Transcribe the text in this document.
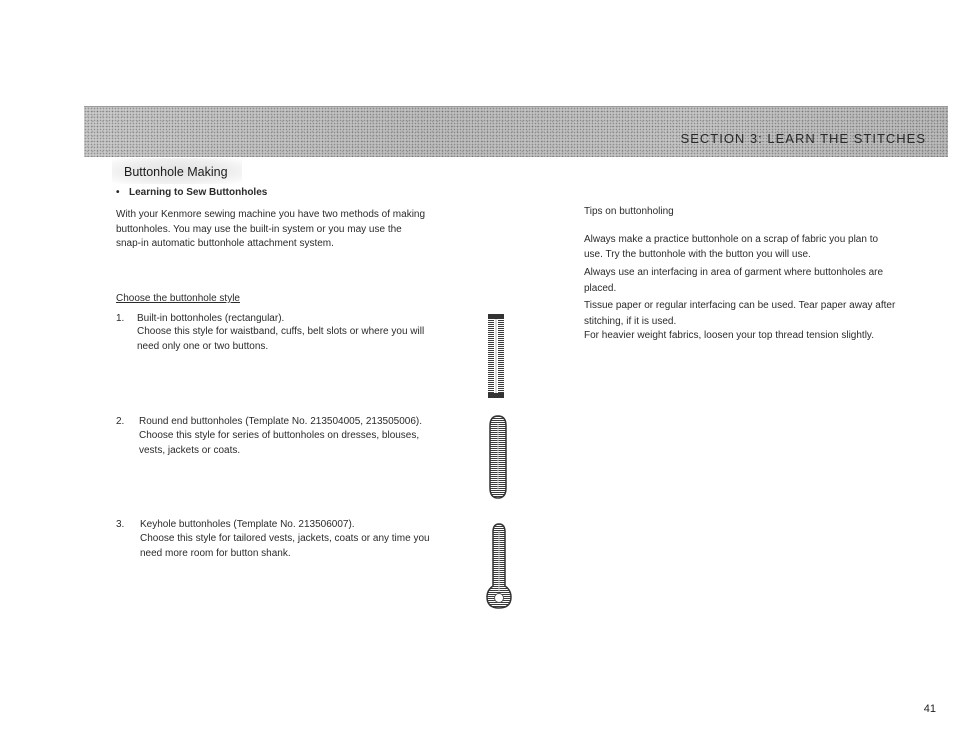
SECTION 3: LEARN THE STITCHES
Buttonhole Making
• Learning to Sew Buttonholes
With your Kenmore sewing machine you have two methods of making
buttonholes. You may use the built-in system or you may use the
snap-in automatic buttonhole attachment system.
Choose the buttonhole style
1. Built-in bottonholes (rectangular).
Choose this style for waistband, cuffs, belt slots or where you will
need only one or two buttons.
2. Round end buttonholes (Template No. 213504005, 213505006).
Choose this style for series of buttonholes on dresses, blouses,
vests, jackets or coats.
3. Keyhole buttonholes (Template No. 213506007).
Choose this style for tailored vests, jackets, coats or any time you
need more room for button shank.
Tips on buttonholing
Always make a practice buttonhole on a scrap of fabric you plan to
use. Try the buttonhole with the button you will use.
Always use an interfacing in area of garment where buttonholes are
placed.
Tissue paper or regular interfacing can be used. Tear paper away after
stitching, if it is used.
For heavier weight fabrics, loosen your top thread tension slightly.
41
